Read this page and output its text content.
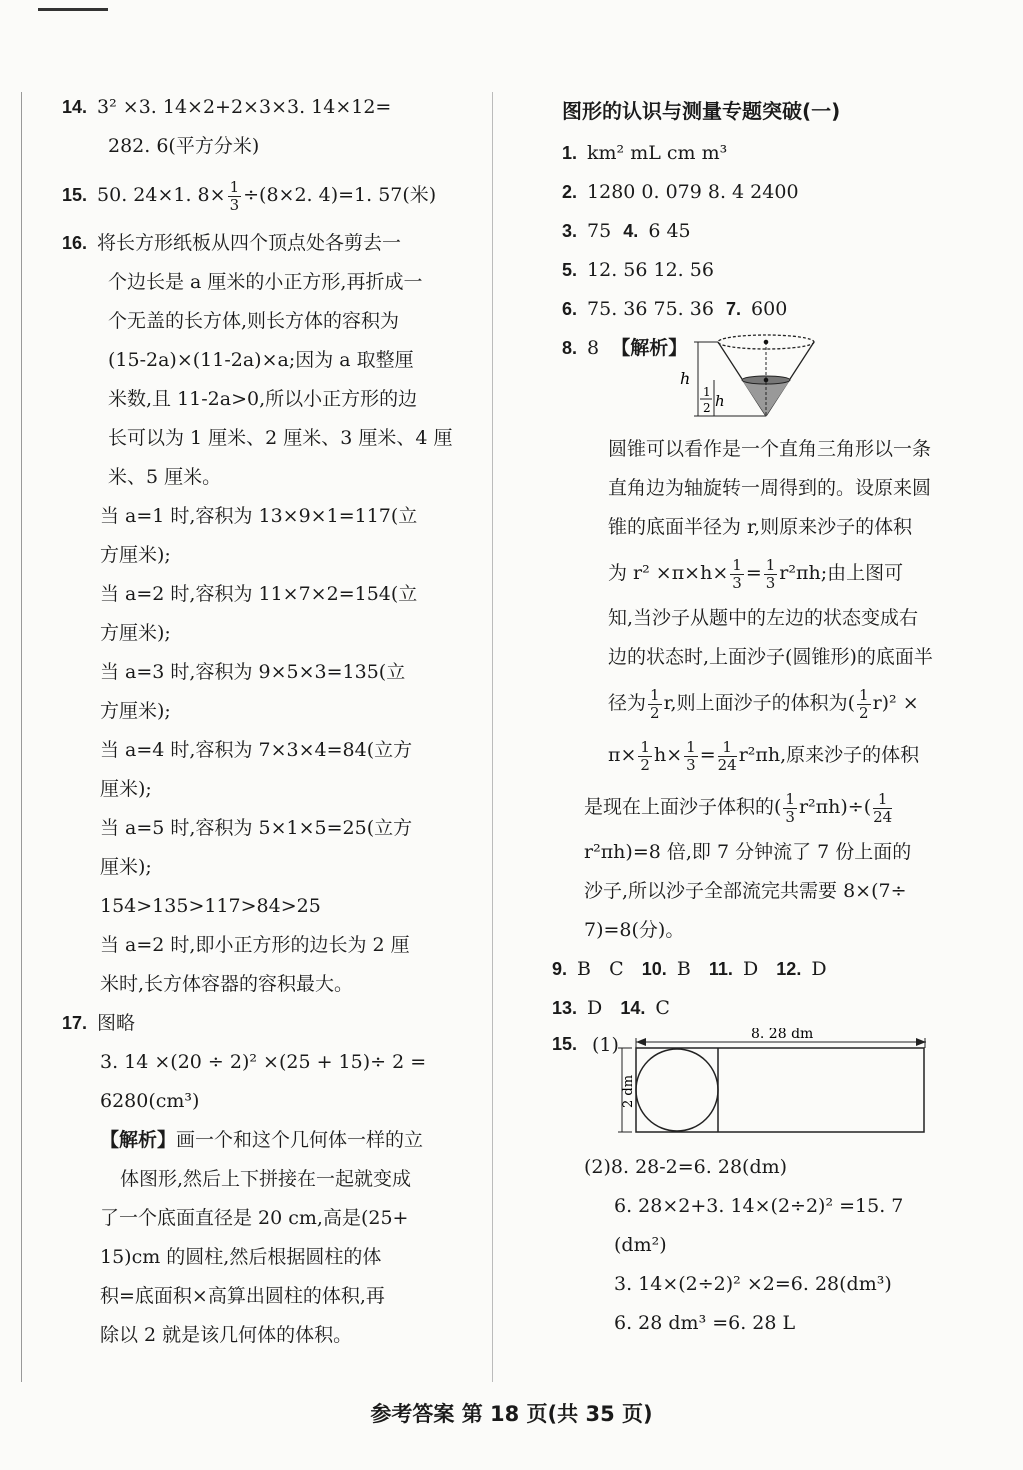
14. 3² ×3. 14×2+2×3×3. 14×12=
282. 6(平方分米)
15. 50. 24×1. $8\times \frac{1}{3} \div(8\times 2$. 4)=1. 57(米)
16. 将长方形纸板从四个顶点处各剪去一
个边长是 a 厘米的小正方形,再折成一
个无盖的长方体,则长方体的容积为
(15-2a)×(11-2a)×a;因为 a 取整厘
米数,且 11-2a>0,所以小正方形的边
长可以为 1 厘米、2 厘米、3 厘米、4 厘
米、5 厘米。
当 a=1 时,容积为 13×9×1=117(立
方厘米);
当 a=2 时,容积为 11×7×2=154(立
方厘米);
当 a=3 时,容积为 9×5×3=135(立
方厘米);
当 a=4 时,容积为 7×3×4=84(立方
厘米);
当 a=5 时,容积为 5×1×5=25(立方
厘米);
154>135>117>84>25
当 a=2 时,即小正方形的边长为 2 厘
米时,长方体容器的容积最大。
17. 图略
3. 14 ×(20 ÷ 2)² ×(25 + 15)÷ 2 =
6280(cm³)
【解析】画一个和这个几何体一样的立
体图形,然后上下拼接在一起就变成
了一个底面直径是 20 cm,高是(25+
15)cm 的圆柱,然后根据圆柱的体
积=底面积×高算出圆柱的体积,再
除以 2 就是该几何体的体积。
图形的认识与测量专题突破(一)
1. km² mL cm m³
2. 1280 0. 079 8. 4 2400
3. 75 4. 6 45
5. 12. 56 12. 56
6. 75. 36 75. 36 7. 600
8. 8 【解析】
h
1
2 h
圆锥可以看作是一个直角三角形以一条
直角边为轴旋转一周得到的。设原来圆
锥的底面半径为 r,则原来沙子的体积
为 $r^2 \times\pi\times h\times \frac{1}{3} = \frac{1}{3} r^2\pi h$;由上图可
知,当沙子从题中的左边的状态变成右
边的状态时,上面沙子(圆锥形)的底面半
径为 $\frac{1}{2} r$,则上面沙子的体积为( $\frac{1}{2} r)^2$ ×
$\pi\times \frac{1}{2} h\times \frac{1}{3} = \frac{1}{24} r^2\pi h$,原来沙子的体积
是现在上面沙子体积的( $\frac{1}{3} r^2\pi h)\div( \frac{1}{24}$
r²πh)=8 倍,即 7 分钟流了 7 份上面的
沙子,所以沙子全部流完共需要 8×(7÷
7)=8(分)。
9. B C 10. B 11. D 12. D
13. D 14. C
15. (1)	8. 28 dm
2 dm
(2)8. 28-2=6. 28(dm)
6. 28×2+3. 14×(2÷2)² =15. 7
(dm²)
3. 14×(2÷2)² ×2=6. 28(dm³)
6. 28 dm³ =6. 28 L
参考答案 第 18 页(共 35 页)
